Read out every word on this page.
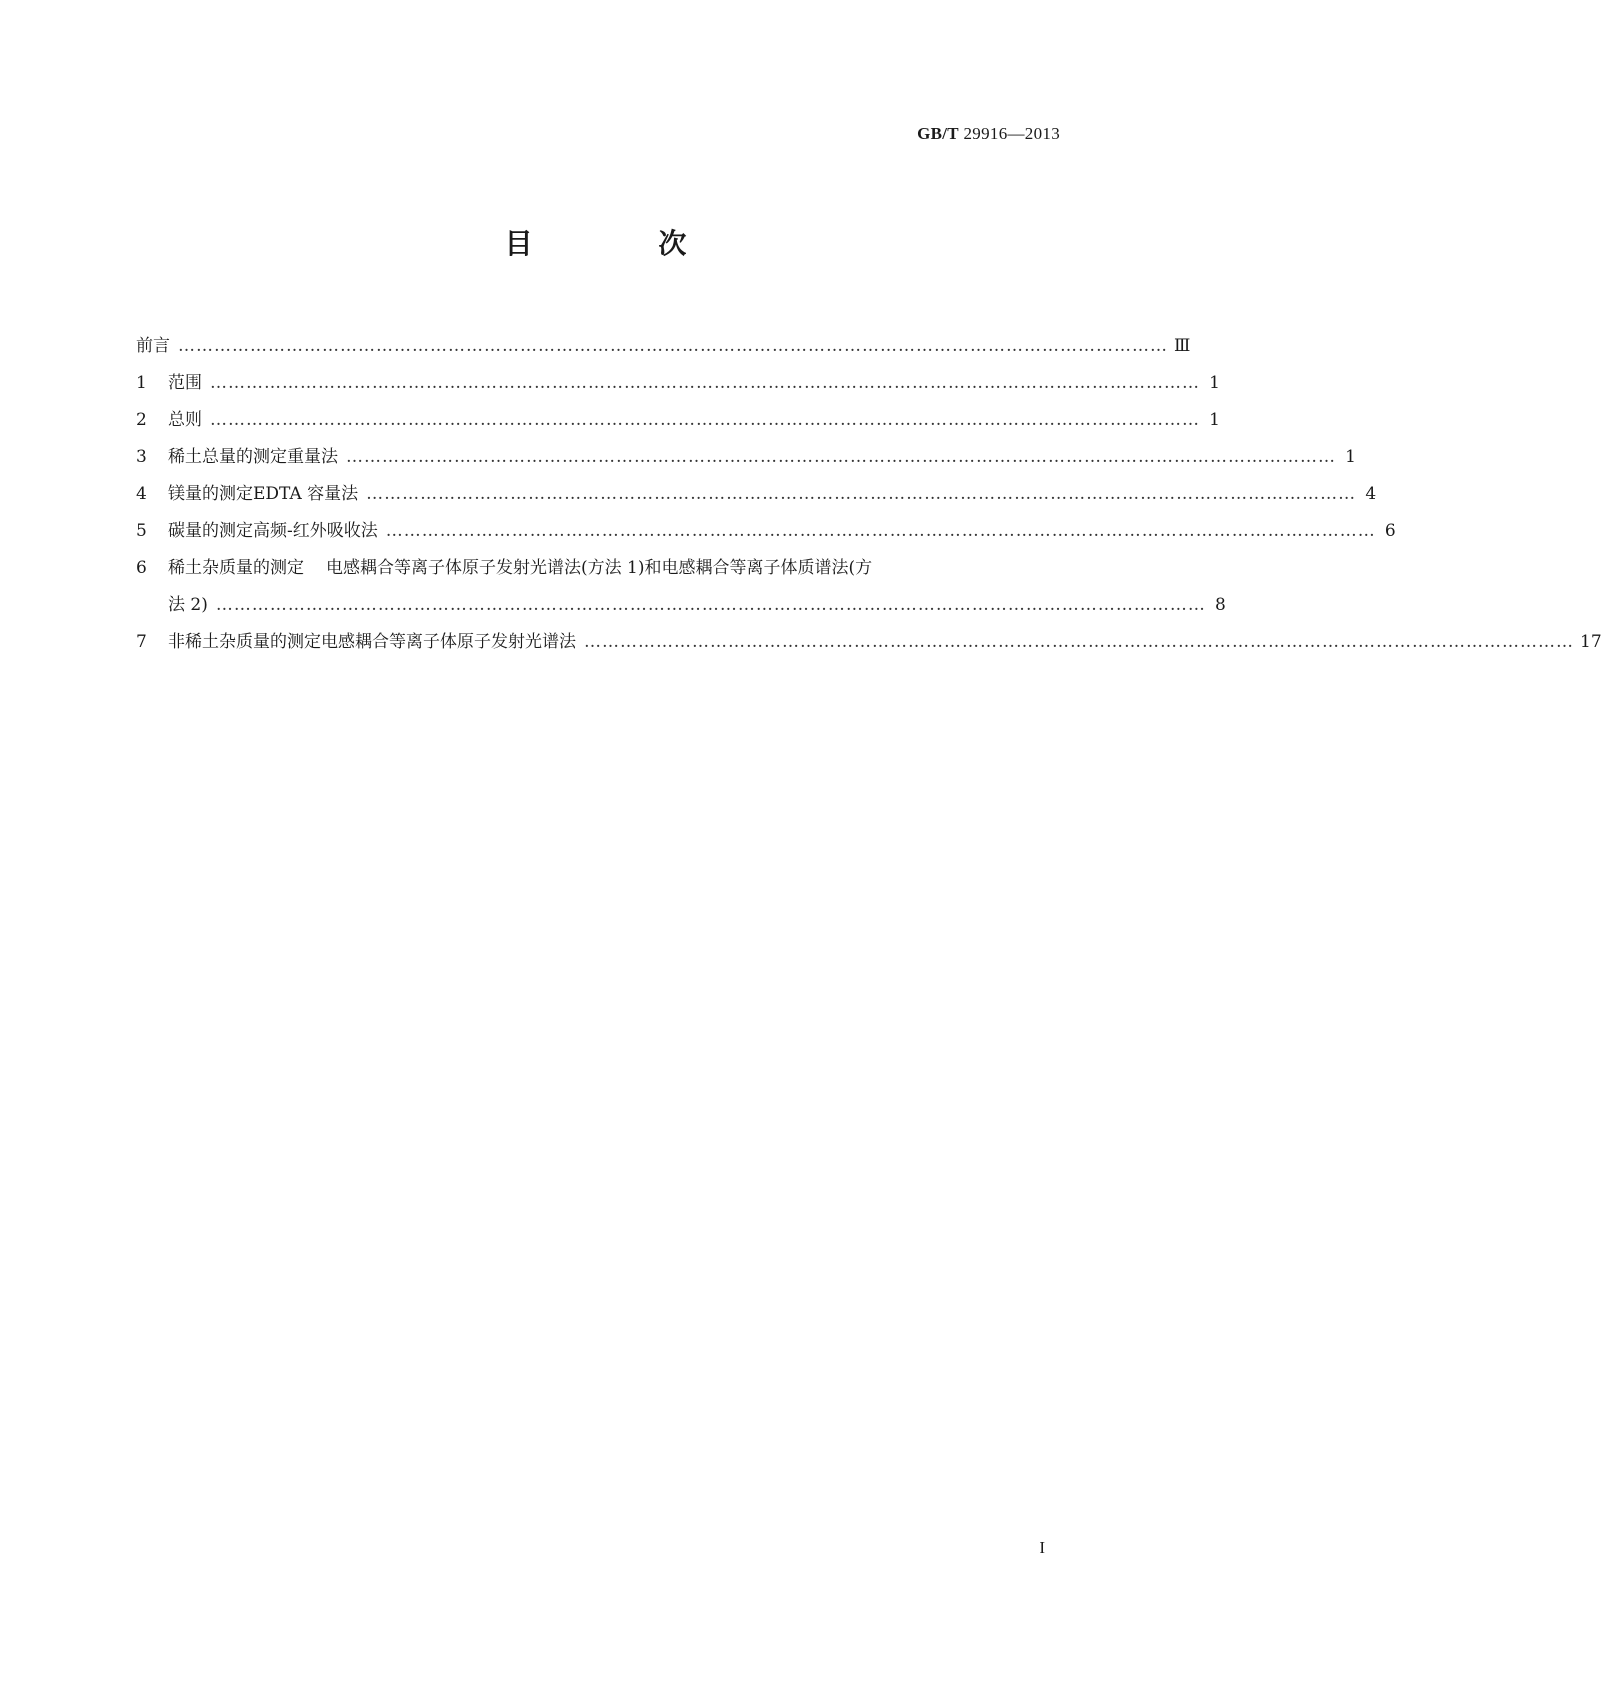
GB/T 29916—2013
目 次
前言 ………………………………………………………………………………………………………………………………………………… Ⅲ
1	范围 ………………………………………………………………………………………………………………………………………………… 1
2	总则 ………………………………………………………………………………………………………………………………………………… 1
3	稀土总量的测定 重量法 ………………………………………………………………………………………………………………………………………………… 1
4	镁量的测定 EDTA 容量法 ………………………………………………………………………………………………………………………………………………… 4
5	碳量的测定 高频-红外吸收法 ………………………………………………………………………………………………………………………………………………… 6
6	稀土杂质量的测定 电感耦合等离子体原子发射光谱法(方法 1)和电感耦合等离子体质谱法(方
法 2) ………………………………………………………………………………………………………………………………………………… 8
7	非稀土杂质量的测定 电感耦合等离子体原子发射光谱法 ………………………………………………………………………………………………………………………………………………… 17
I
